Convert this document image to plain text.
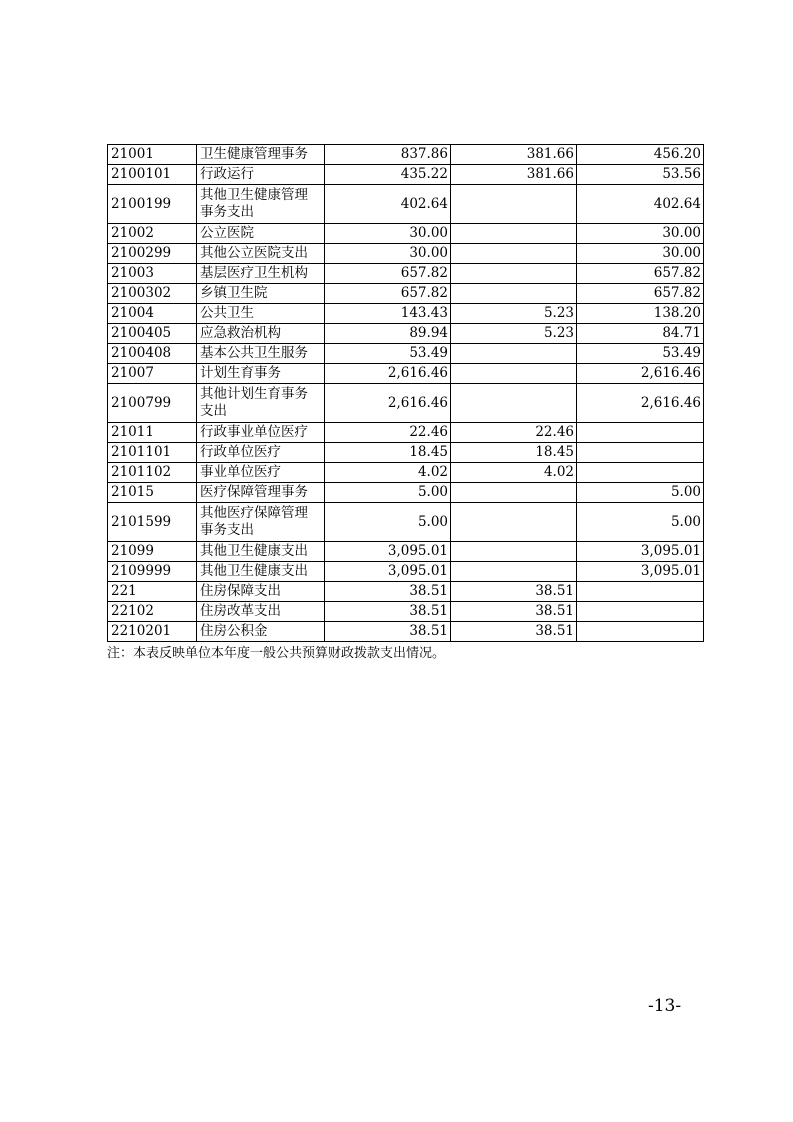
21001	卫生健康管理事务	837.86	381.66	456.20
2100101	行政运行	435.22	381.66	53.56
2100199	其他卫生健康管理事务支出	402.64		402.64
21002	公立医院	30.00		30.00
2100299	其他公立医院支出	30.00		30.00
21003	基层医疗卫生机构	657.82		657.82
2100302	乡镇卫生院	657.82		657.82
21004	公共卫生	143.43	5.23	138.20
2100405	应急救治机构	89.94	5.23	84.71
2100408	基本公共卫生服务	53.49		53.49
21007	计划生育事务	2,616.46		2,616.46
2100799	其他计划生育事务支出	2,616.46		2,616.46
21011	行政事业单位医疗	22.46	22.46	
2101101	行政单位医疗	18.45	18.45	
2101102	事业单位医疗	4.02	4.02	
21015	医疗保障管理事务	5.00		5.00
2101599	其他医疗保障管理事务支出	5.00		5.00
21099	其他卫生健康支出	3,095.01		3,095.01
2109999	其他卫生健康支出	3,095.01		3,095.01
221	住房保障支出	38.51	38.51	
22102	住房改革支出	38.51	38.51	
2210201	住房公积金	38.51	38.51	
注：本表反映单位本年度一般公共预算财政拨款支出情况。
-13-
